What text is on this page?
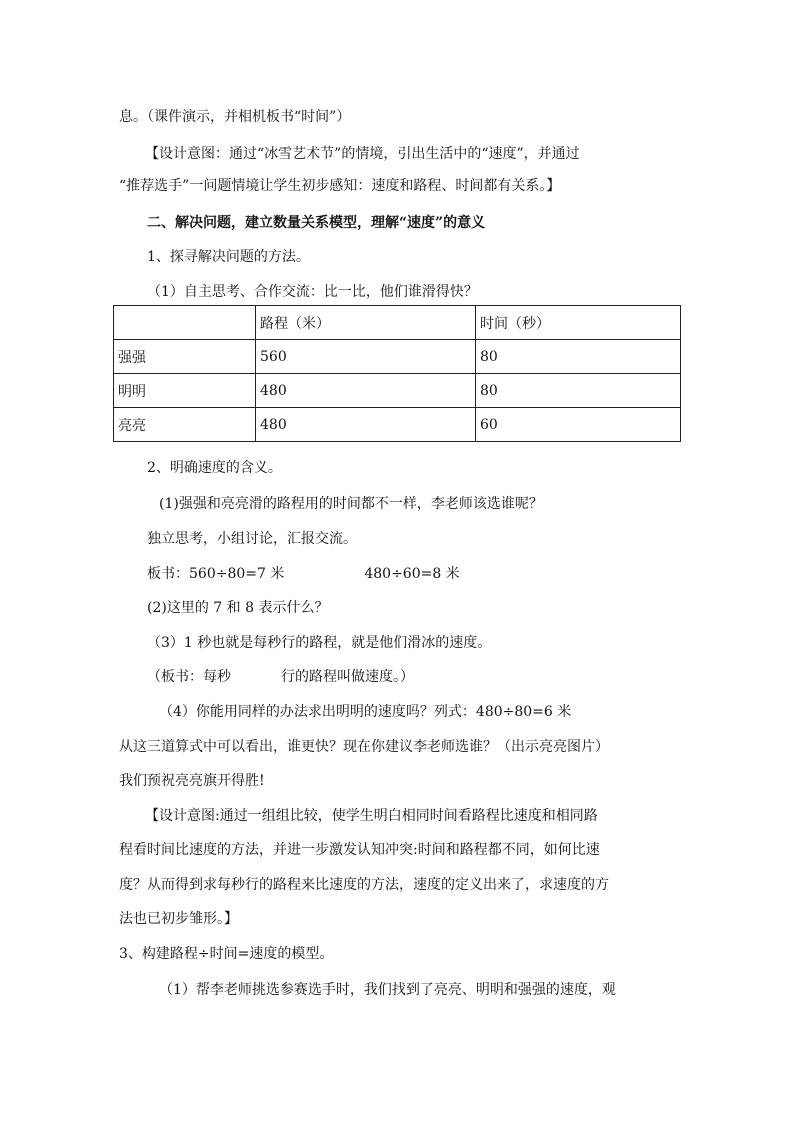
息。（课件演示，并相机板书“时间”）
【设计意图：通过“冰雪艺术节”的情境，引出生活中的“速度”，并通过
“推荐选手”一问题情境让学生初步感知：速度和路程、时间都有关系。】
二、解决问题，建立数量关系模型，理解“速度”的意义
1、探寻解决问题的方法。
（1）自主思考、合作交流：比一比，他们谁滑得快？
	路程（米）	时间（秒）
强强	560	80
明明	480	80
亮亮	480	60
2、明确速度的含义。
(1)强强和亮亮滑的路程用的时间都不一样，李老师该选谁呢？
独立思考，小组讨论，汇报交流。
板书：560÷80=7 米	480÷60=8 米
(2)这里的 7 和 8 表示什么？
（3）1 秒也就是每秒行的路程，就是他们滑冰的速度。
（板书：每秒	行的路程叫做速度。）
（4）你能用同样的办法求出明明的速度吗？列式：480÷80=6 米
从这三道算式中可以看出，谁更快？现在你建议李老师选谁？（出示亮亮图片）
我们预祝亮亮旗开得胜!
【设计意图:通过一组组比较，使学生明白相同时间看路程比速度和相同路
程看时间比速度的方法，并进一步激发认知冲突:时间和路程都不同，如何比速
度？从而得到求每秒行的路程来比速度的方法，速度的定义出来了，求速度的方
法也已初步雏形。】
3、构建路程÷时间=速度的模型。
（1）帮李老师挑选参赛选手时，我们找到了亮亮、明明和强强的速度，观
